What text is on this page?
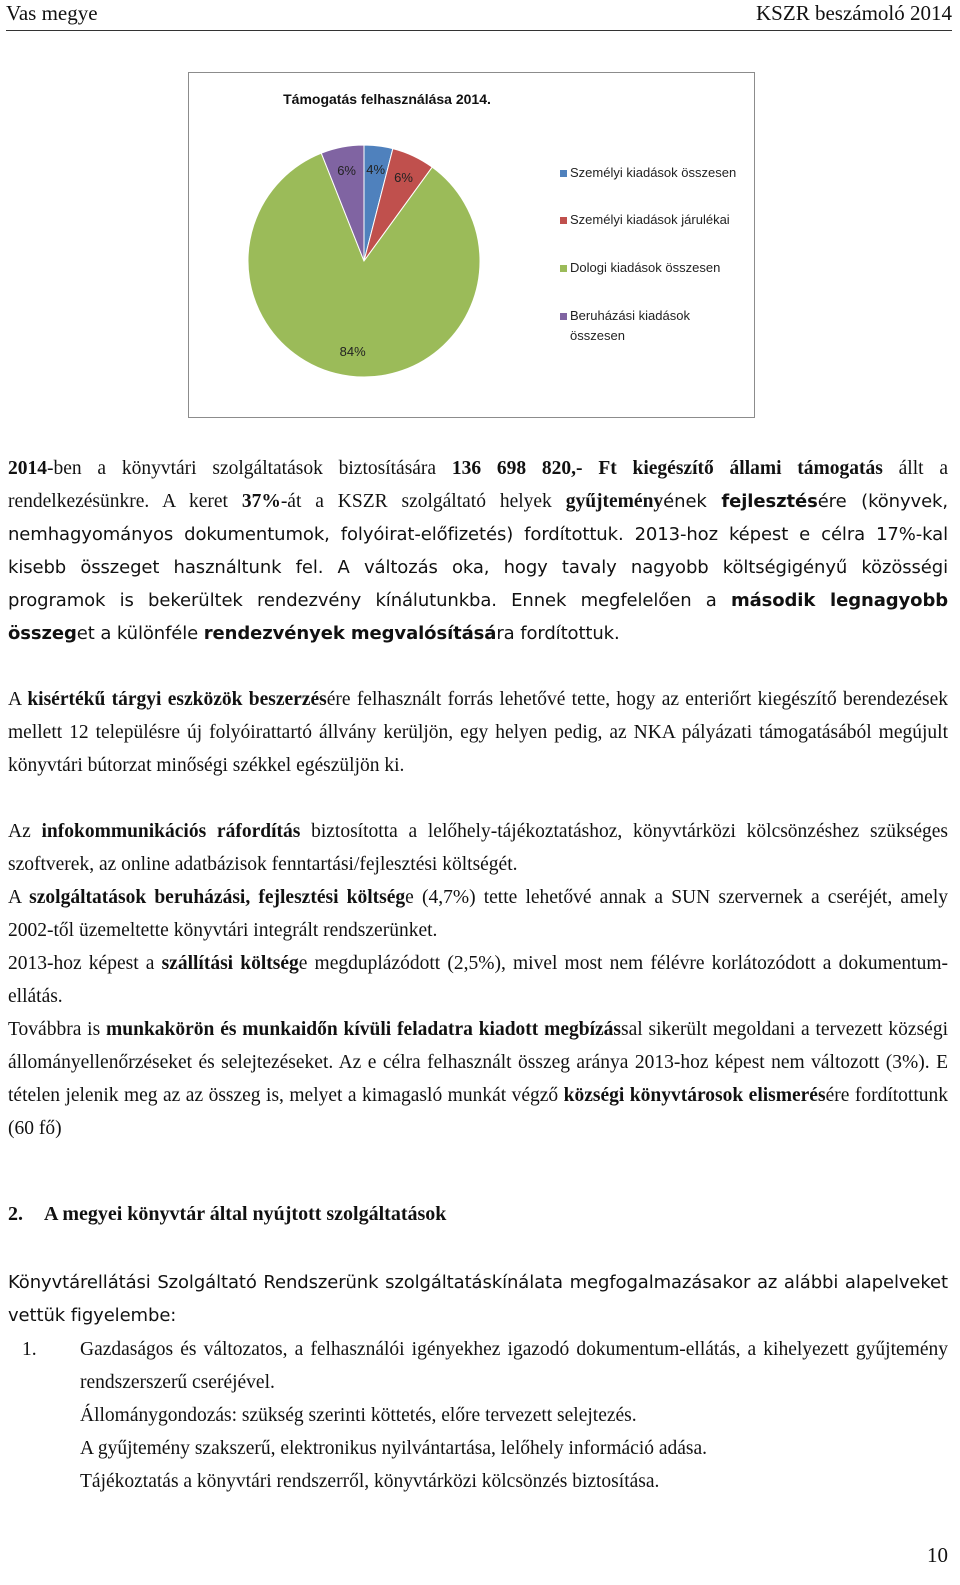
Vas megye	KSZR beszámoló 2014
Támogatás felhasználása 2014.
4%
6%
84%
6%	Személyi kiadások összesen
Személyi kiadások járulékai
Dologi kiadások összesen
Beruházási kiadások
összesen

2014-ben a könyvtári szolgáltatások biztosítására 136 698 820,- Ft kiegészítő állami támogatás állt a rendelkezésünkre. A keret 37%-át a KSZR szolgáltató helyek gyűjteményének fejlesztésére (könyvek, nemhagyományos dokumentumok, folyóirat-előfizetés) fordítottuk. 2013-hoz képest e célra 17%-kal kisebb összeget használtunk fel. A változás oka, hogy tavaly nagyobb költségigényű közösségi programok is bekerültek rendezvény kínálutunkba. Ennek megfelelően a második legnagyobb összeget a különféle rendezvények megvalósítására fordítottuk.

A kisértékű tárgyi eszközök beszerzésére felhasznált forrás lehetővé tette, hogy az enteriőrt kiegészítő berendezések mellett 12 településre új folyóirattartó állvány kerüljön, egy helyen pedig, az NKA pályázati támogatásából megújult könyvtári bútorzat minőségi székkel egészüljön ki.

Az infokommunikációs ráfordítás biztosította a lelőhely-tájékoztatáshoz, könyvtárközi kölcsönzéshez szükséges szoftverek, az online adatbázisok fenntartási/fejlesztési költségét.

A szolgáltatások beruházási, fejlesztési költsége (4,7%) tette lehetővé annak a SUN szervernek a cseréjét, amely 2002-től üzemeltette könyvtári integrált rendszerünket.

2013-hoz képest a szállítási költsége megduplázódott (2,5%), mivel most nem félévre korlátozódott a dokumentum-ellátás.

Továbbra is munkakörön és munkaidőn kívüli feladatra kiadott megbízással sikerült megoldani a tervezett községi állományellenőrzéseket és selejtezéseket. Az e célra felhasznált összeg aránya 2013-hoz képest nem változott (3%). E tételen jelenik meg az az összeg is, melyet a kimagasló munkát végző községi könyvtárosok elismerésére fordítottunk (60 fő)

2. A megyei könyvtár által nyújtott szolgáltatások

Könyvtárellátási Szolgáltató Rendszerünk szolgáltatáskínálata megfogalmazásakor az alábbi alapelveket vettük figyelembe:

1. Gazdaságos és változatos, a felhasználói igényekhez igazodó dokumentum-ellátás, a kihelyezett gyűjtemény rendszerszerű cseréjével.
Állománygondozás: szükség szerinti köttetés, előre tervezett selejtezés.
A gyűjtemény szakszerű, elektronikus nyilvántartása, lelőhely információ adása.
Tájékoztatás a könyvtári rendszerről, könyvtárközi kölcsönzés biztosítása.
10
